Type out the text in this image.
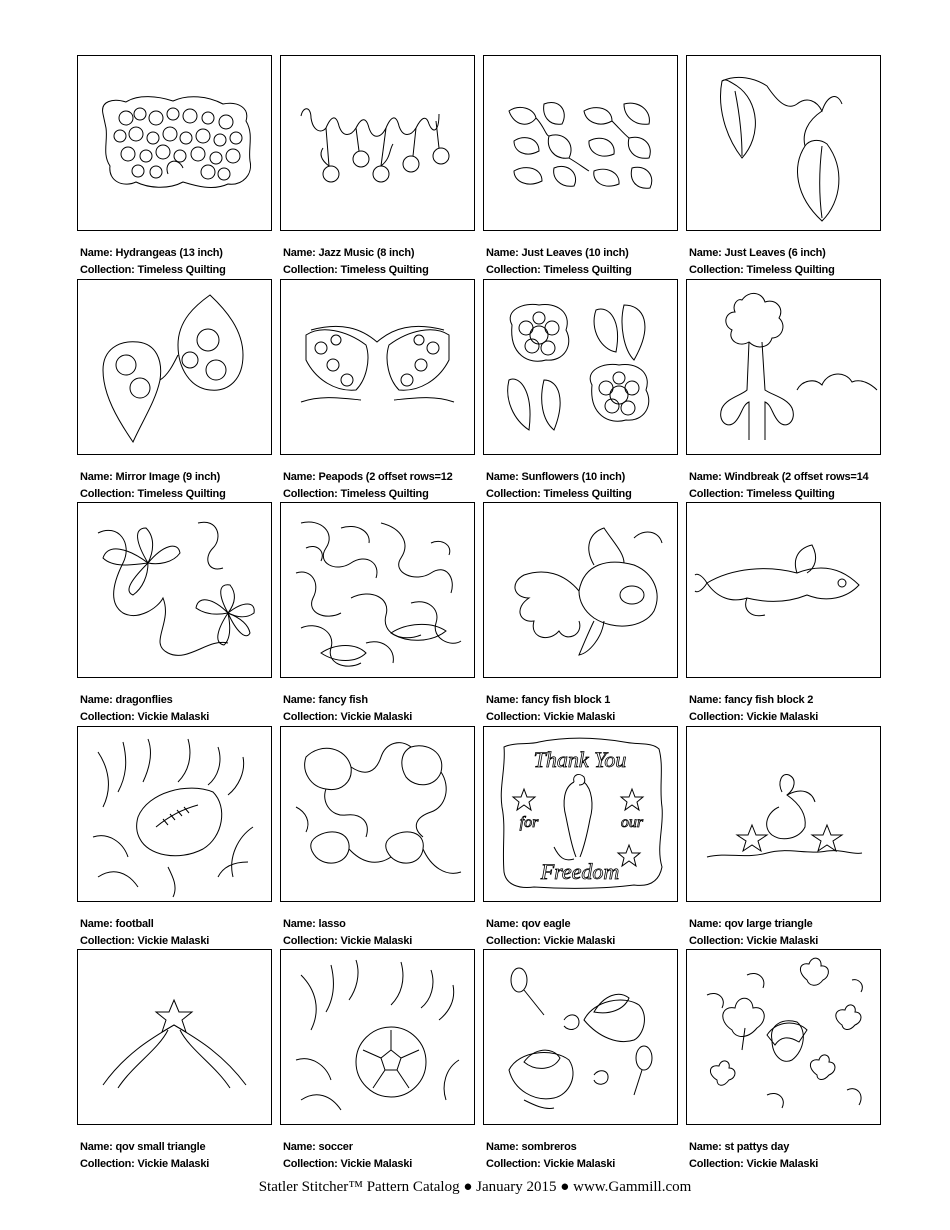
Name: Hydrangeas (13 inch)
Collection: Timeless Quilting
Name: Jazz Music (8 inch)
Collection: Timeless Quilting
Name: Just Leaves (10 inch)
Collection: Timeless Quilting
Name: Just Leaves (6 inch)
Collection: Timeless Quilting
Name: Mirror Image (9 inch)
Collection: Timeless Quilting
Name: Peapods (2 offset rows=12
Collection: Timeless Quilting
Name: Sunflowers (10 inch)
Collection: Timeless Quilting
Name: Windbreak (2 offset rows=14
Collection: Timeless Quilting
Name: dragonflies
Collection: Vickie Malaski
Name: fancy fish
Collection: Vickie Malaski
Name: fancy fish block 1
Collection: Vickie Malaski
Name: fancy fish block 2
Collection: Vickie Malaski
Name: football
Collection: Vickie Malaski
Name: lasso
Collection: Vickie Malaski
Thank You
for	our
Freedom
Name: qov eagle
Collection: Vickie Malaski
Name: qov large triangle
Collection: Vickie Malaski
Name: qov small triangle
Collection: Vickie Malaski
Name: soccer
Collection: Vickie Malaski
Name: sombreros
Collection: Vickie Malaski
Name: st pattys day
Collection: Vickie Malaski
Statler Stitcher™ Pattern Catalog ● January 2015 ● www.Gammill.com
